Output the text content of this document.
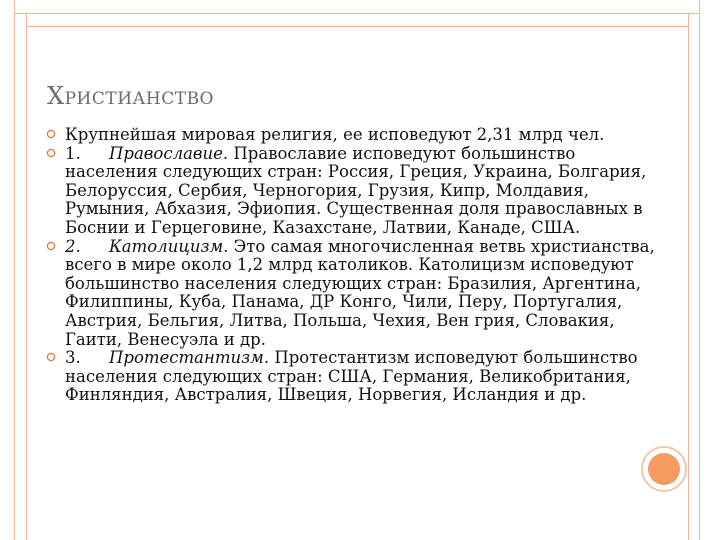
Христианство
Крупнейшая мировая религия, ее исповедуют 2,31 млрд чел.
1. Православие. Православие исповедуют большинство населения следующих стран: Россия, Греция, Украина, Болгария, Белоруссия, Сербия, Черногория, Грузия, Кипр, Молдавия, Румыния, Абхазия, Эфиопия. Существенная доля православных в Боснии и Герцеговине, Казахстане, Латвии, Канаде, США.
2. Католицизм. Это самая многочисленная ветвь христианства, всего в мире около 1,2 млрд католиков. Католицизм исповедуют большинство населения следующих стран: Бразилия, Аргентина, Филиппины, Куба, Панама, ДР Конго, Чили, Перу, Португалия, Австрия, Бельгия, Литва, Польша, Чехия, Вен грия, Словакия, Гаити, Венесуэла и др.
3. Протестантизм. Протестантизм исповедуют большинство населения следующих стран: США, Германия, Великобритания, Финляндия, Австралия, Швеция, Норвегия, Исландия и др.
